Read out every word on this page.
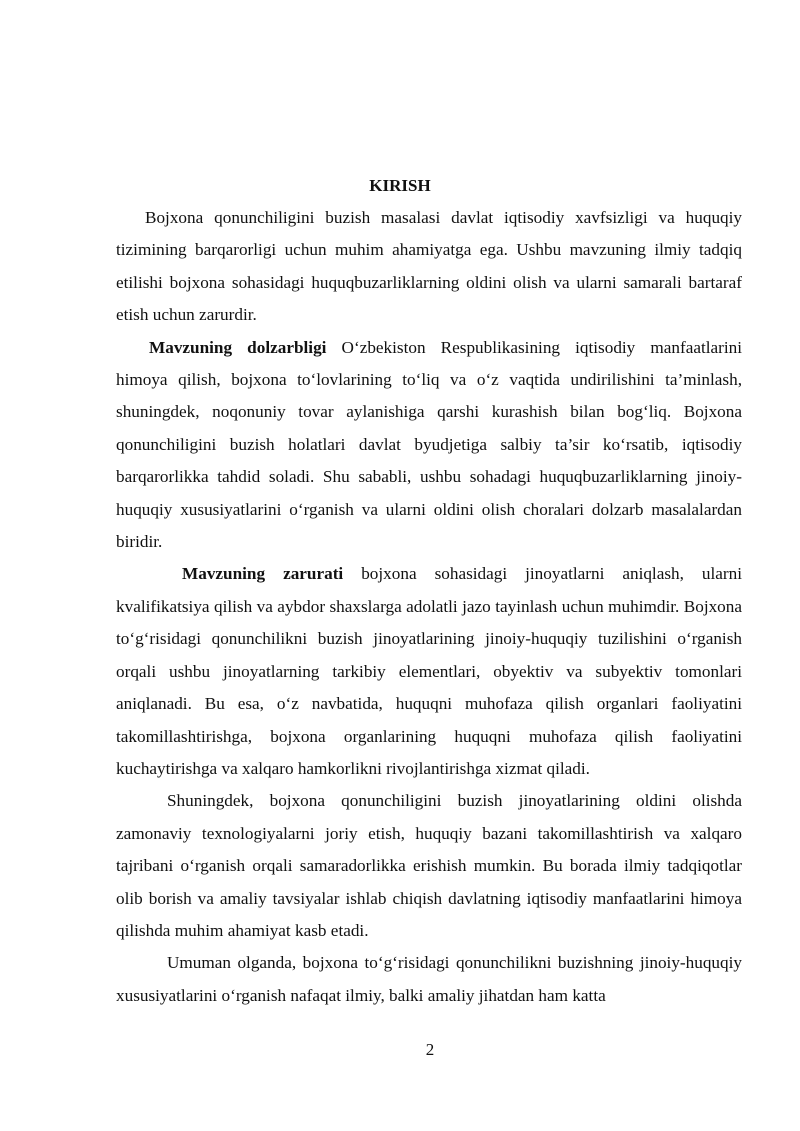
KIRISH

Bojxona qonunchiligini buzish masalasi davlat iqtisodiy xavfsizligi va huquqiy tizimining barqarorligi uchun muhim ahamiyatga ega. Ushbu mavzuning ilmiy tadqiq etilishi bojxona sohasidagi huquqbuzarliklarning oldini olish va ularni samarali bartaraf etish uchun zarurdir.

Mavzuning dolzarbligi O‘zbekiston Respublikasining iqtisodiy manfaatlarini himoya qilish, bojxona to‘lovlarining to‘liq va o‘z vaqtida undirilishini ta’minlash, shuningdek, noqonuniy tovar aylanishiga qarshi kurashish bilan bog‘liq. Bojxona qonunchiligini buzish holatlari davlat byudjetiga salbiy ta’sir ko‘rsatib, iqtisodiy barqarorlikka tahdid soladi. Shu sababli, ushbu sohadagi huquqbuzarliklarning jinoiy-huquqiy xususiyatlarini o‘rganish va ularni oldini olish choralari dolzarb masalalardan biridir.

Mavzuning zarurati bojxona sohasidagi jinoyatlarni aniqlash, ularni kvalifikatsiya qilish va aybdor shaxslarga adolatli jazo tayinlash uchun muhimdir. Bojxona to‘g‘risidagi qonunchilikni buzish jinoyatlarining jinoiy-huquqiy tuzilishini o‘rganish orqali ushbu jinoyatlarning tarkibiy elementlari, obyektiv va subyektiv tomonlari aniqlanadi. Bu esa, o‘z navbatida, huquqni muhofaza qilish organlari faoliyatini takomillashtirishga, bojxona organlarining huquqni muhofaza qilish faoliyatini kuchaytirishga va xalqaro hamkorlikni rivojlantirishga xizmat qiladi.

Shuningdek, bojxona qonunchiligini buzish jinoyatlarining oldini olishda zamonaviy texnologiyalarni joriy etish, huquqiy bazani takomillashtirish va xalqaro tajribani o‘rganish orqali samaradorlikka erishish mumkin. Bu borada ilmiy tadqiqotlar olib borish va amaliy tavsiyalar ishlab chiqish davlatning iqtisodiy manfaatlarini himoya qilishda muhim ahamiyat kasb etadi.

Umuman olganda, bojxona to‘g‘risidagi qonunchilikni buzishning jinoiy-huquqiy xususiyatlarini o‘rganish nafaqat ilmiy, balki amaliy jihatdan ham katta

2
